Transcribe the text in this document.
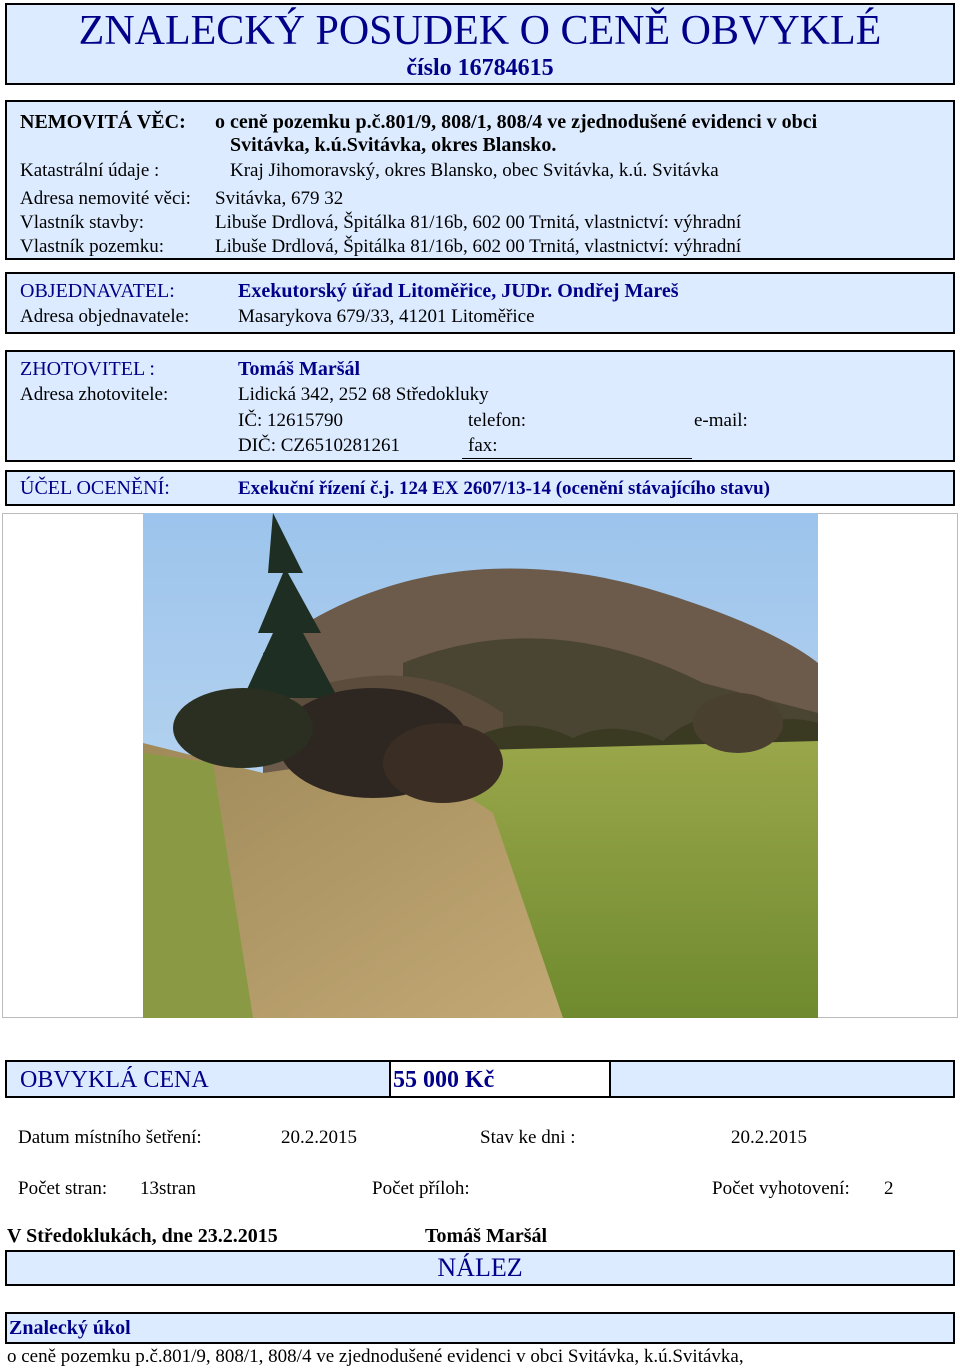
ZNALECKÝ POSUDEK O CENĚ OBVYKLÉ
číslo 16784615
NEMOVITÁ VĚC: o ceně pozemku p.č.801/9, 808/1, 808/4 ve zjednodušené evidenci v obci
Svitávka, k.ú.Svitávka, okres Blansko.
Katastrální údaje :	Kraj Jihomoravský, okres Blansko, obec Svitávka, k.ú. Svitávka
Adresa nemovité věci: Svitávka, 679 32
Vlastník stavby:	Libuše Drdlová, Špitálka 81/16b, 602 00 Trnitá, vlastnictví: výhradní
Vlastník pozemku:	Libuše Drdlová, Špitálka 81/16b, 602 00 Trnitá, vlastnictví: výhradní
OBJEDNAVATEL:	Exekutorský úřad Litoměřice, JUDr. Ondřej Mareš
Adresa objednavatele:	Masarykova 679/33, 41201 Litoměřice
ZHOTOVITEL :	Tomáš Maršál
Adresa zhotovitele:	Lidická 342, 252 68 Středokluky
IČ: 12615790	telefon:	e-mail:
DIČ: CZ6510281261	fax:
ÚČEL OCENĚNÍ:	Exekuční řízení č.j. 124 EX 2607/13-14 (ocenění stávajícího stavu)
OBVYKLÁ CENA	55 000 Kč
Datum místního šetření:	20.2.2015	Stav ke dni :	20.2.2015
Počet stran: 13stran	Počet příloh:	Počet vyhotovení: 2
V Středoklukách, dne 23.2.2015	Tomáš Maršál
NÁLEZ
Znalecký úkol
o ceně pozemku p.č.801/9, 808/1, 808/4 ve zjednodušené evidenci v obci Svitávka, k.ú.Svitávka,
